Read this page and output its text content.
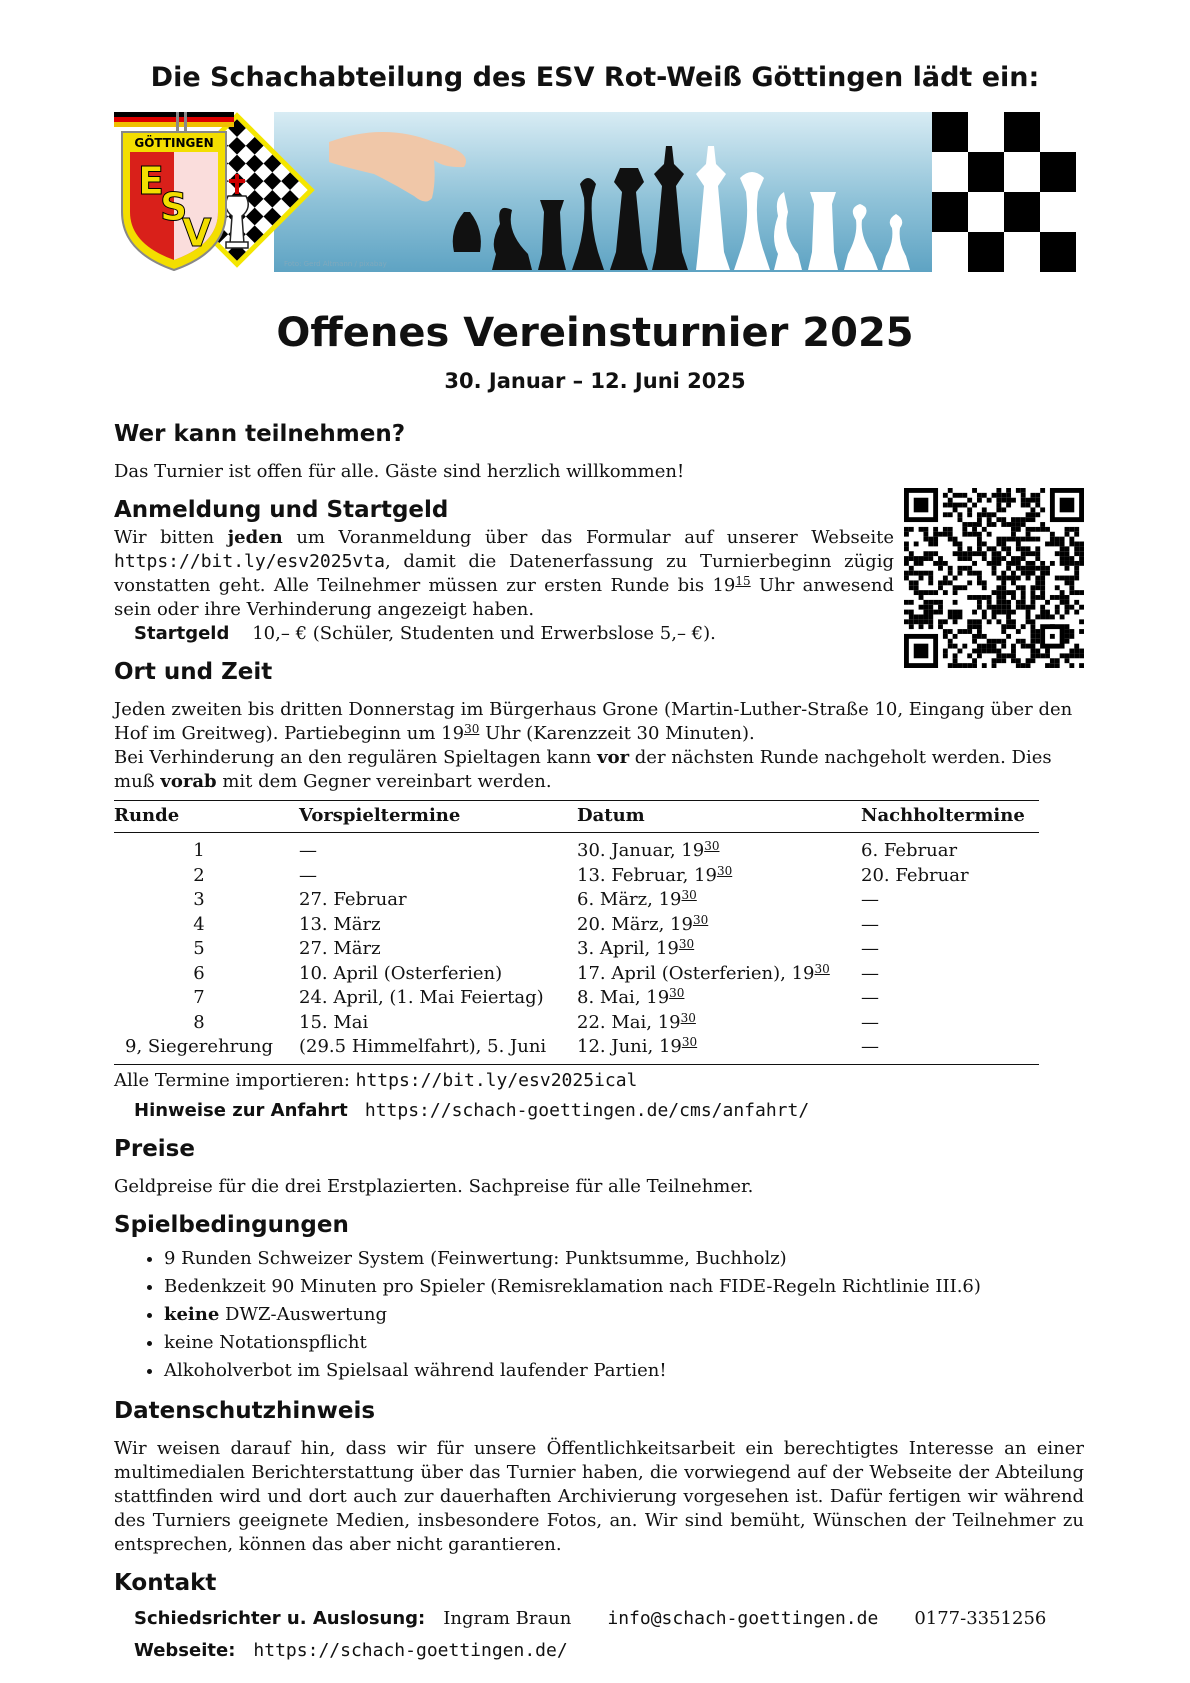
Die Schachabteilung des ESV Rot-Weiß Göttingen lädt ein:
GÖTTINGEN
E
S
V
Foto: Gerd Altmann / pixabay
Offenes Vereinsturnier 2025
30. Januar – 12. Juni 2025
Wer kann teilnehmen?

Das Turnier ist offen für alle. Gäste sind herzlich willkommen!

Anmeldung und Startgeld
Wir bitten jeden um Voranmeldung über das Formular auf unserer Webseite https://bit.ly/esv2025vta, damit die Datenerfassung zu Turnierbeginn zügig vonstatten geht. Alle Teilnehmer müssen zur ersten Runde bis $19^{15}$ Uhr anwesend sein oder ihre Verhinderung angezeigt haben.
Startgeld 10,– € (Schüler, Studenten und Erwerbslose 5,– €).
Ort und Zeit

Jeden zweiten bis dritten Donnerstag im Bürgerhaus Grone (Martin-Luther-Straße 10, Eingang über den Hof im Greitweg). Partiebeginn um $19^{30}$ Uhr (Karenzzeit 30 Minuten).

Bei Verhinderung an den regulären Spieltagen kann vor der nächsten Runde nachgeholt werden. Dies muß vorab mit dem Gegner vereinbart werden.

Runde	Vorspieltermine	Datum	Nachholtermine
1	—	30. Januar, $19^{30}$	6. Februar
2	—	13. Februar, $19^{30}$	20. Februar
3	27. Februar	6. März, $19^{30}$	—
4	13. März	20. März, $19^{30}$	—
5	27. März	3. April, $19^{30}$	—
6	10. April (Osterferien)	17. April (Osterferien), $19^{30}$	—
7	24. April, (1. Mai Feiertag)	8. Mai, $19^{30}$	—
8	15. Mai	22. Mai, $19^{30}$	—
9, Siegerehrung	(29.5 Himmelfahrt), 5. Juni	12. Juni, $19^{30}$	—

Alle Termine importieren: https://bit.ly/esv2025ical

Hinweise zur Anfahrt https://schach-goettingen.de/cms/anfahrt/
Preise

Geldpreise für die drei Erstplazierten. Sachpreise für alle Teilnehmer.

Spielbedingungen
• 9 Runden Schweizer System (Feinwertung: Punktsumme, Buchholz)
• Bedenkzeit 90 Minuten pro Spieler (Remisreklamation nach FIDE-Regeln Richtlinie III.6)
• keine DWZ-Auswertung
• keine Notationspflicht
• Alkoholverbot im Spielsaal während laufender Partien!
Datenschutzhinweis

Wir weisen darauf hin, dass wir für unsere Öffentlichkeitsarbeit ein berechtigtes Interesse an einer multimedialen Berichterstattung über das Turnier haben, die vorwiegend auf der Webseite der Abteilung stattfinden wird und dort auch zur dauerhaften Archivierung vorgesehen ist. Dafür fertigen wir während des Turniers geeignete Medien, insbesondere Fotos, an. Wir sind bemüht, Wünschen der Teilnehmer zu entsprechen, können das aber nicht garantieren.

Kontakt
Schiedsrichter u. Auslosung: Ingram Braun info@schach-goettingen.de 0177-3351256
Webseite: https://schach-goettingen.de/
